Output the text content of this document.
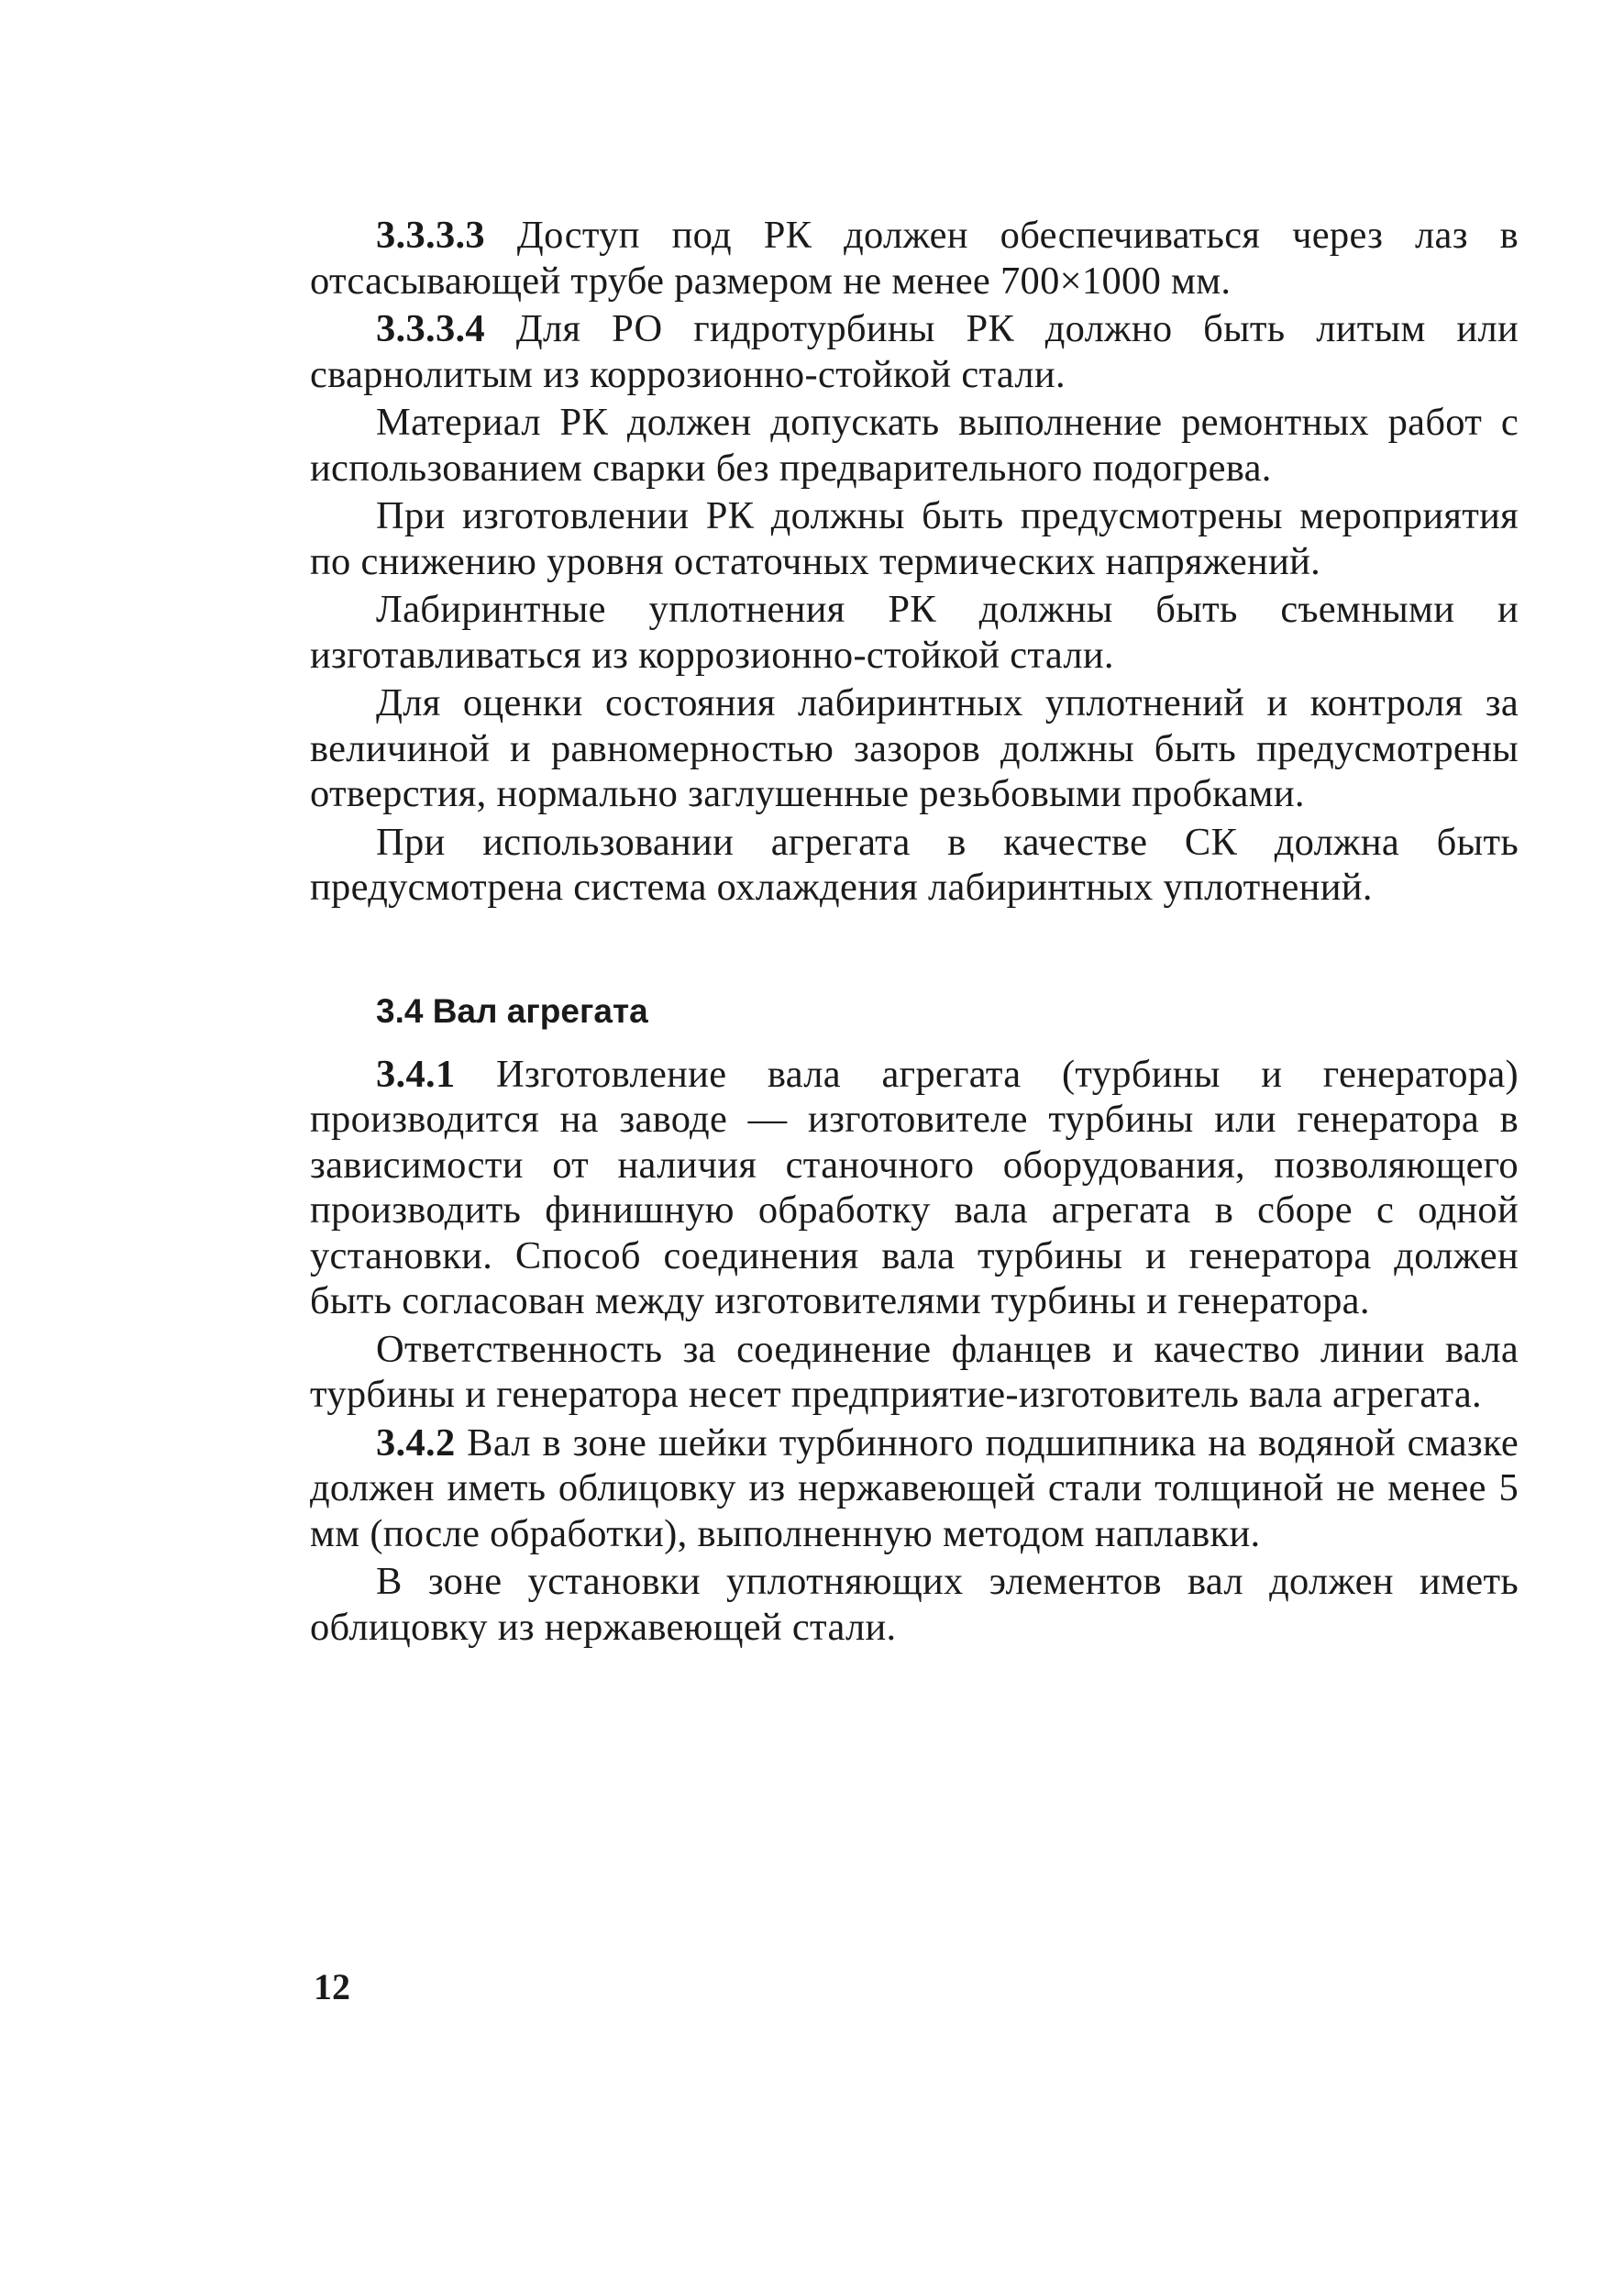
3.3.3.3 Доступ под РК должен обеспечиваться через лаз в отсасывающей трубе размером не менее 700×1000 мм.

3.3.3.4 Для РО гидротурбины РК должно быть литым или сварнолитым из коррозионно-стойкой стали.

Материал РК должен допускать выполнение ремонтных работ с использованием сварки без предварительного подогрева.

При изготовлении РК должны быть предусмотрены мероприятия по снижению уровня остаточных термических напряжений.

Лабиринтные уплотнения РК должны быть съемными и изготавливаться из коррозионно-стойкой стали.

Для оценки состояния лабиринтных уплотнений и контроля за величиной и равномерностью зазоров должны быть предусмотрены отверстия, нормально заглушенные резьбовыми пробками.

При использовании агрегата в качестве СК должна быть предусмотрена система охлаждения лабиринтных уплотнений.

3.4 Вал агрегата

3.4.1 Изготовление вала агрегата (турбины и генератора) производится на заводе — изготовителе турбины или генератора в зависимости от наличия станочного оборудования, позволяющего производить финишную обработку вала агрегата в сборе с одной установки. Способ соединения вала турбины и генератора должен быть согласован между изготовителями турбины и генератора.

Ответственность за соединение фланцев и качество линии вала турбины и генератора несет предприятие-изготовитель вала агрегата.

3.4.2 Вал в зоне шейки турбинного подшипника на водяной смазке должен иметь облицовку из нержавеющей стали толщиной не менее 5 мм (после обработки), выполненную методом наплавки.

В зоне установки уплотняющих элементов вал должен иметь облицовку из нержавеющей стали.

12
